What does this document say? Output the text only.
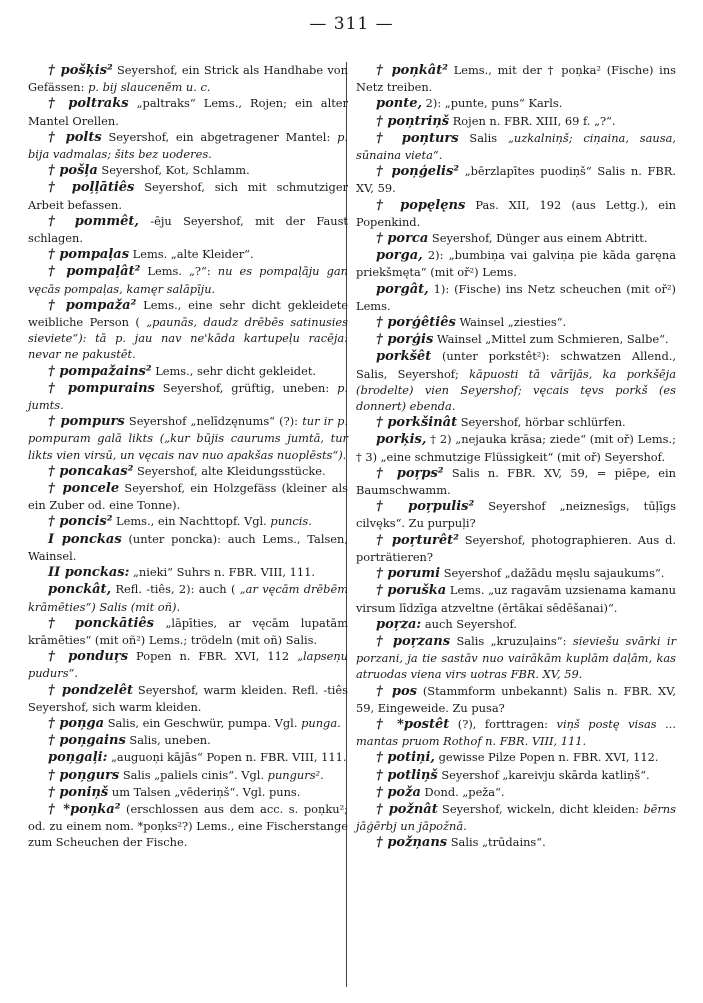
— 311 —

† pošķis² Seyershof, ein Strick als Handhabe von Gefässen: p. bij slaucenēm u. c.

† poltraks „paltraks“ Lems., Rojen; ein alter Mantel Orellen.

† polts Seyershof, ein abgetragener Mantel: p. bija vadmalas; šits bez uoderes.

† pošļa Seyershof, Kot, Schlamm.

† poļļātiês Seyershof, sich mit schmutziger Arbeit befassen.

† pommêt, -ēju Seyershof, mit der Faust schlagen.

† pompaļas Lems. „alte Kleider“.

† pompaļât² Lems. „?“: nu es pompaļāju gan vęcās pompaļas, kamęr salāpīju.

† pompaža² Lems., eine sehr dicht gekleidete weibliche Person ( „paunās, daudz drēbēs satinusies sieviete“): tā p. jau nav ne'kāda kartupeļu racēja: nevar ne pakustēt.

† pompažains² Lems., sehr dicht gekleidet.

† pompurains Seyershof, grüftig, uneben: p. jumts.

† pompurs Seyershof „nelīdzęnums“ (?): tur ir p. pompuram galā likts („kur būjis caurums jumtā, tur likts vien virsū, un vęcais nav nuo apakšas nuoplēsts“).

† poncakas² Seyershof, alte Kleidungsstücke.

† poncele Seyershof, ein Holzgefäss (kleiner als ein Zuber od. eine Tonne).

† poncis² Lems., ein Nachttopf. Vgl. puncis.

I ponckas (unter poncka): auch Lems., Talsen, Wainsel.

II ponckas: „nieki“ Suhrs n. FBR. VIII, 111.

ponckât, Refl. -tiês, 2): auch ( „ar vęcām drēbēm krāmēties“) Salis (mit oñ).

† ponckātiês „lāpīties, ar vęcām lupatām krāmēties“ (mit oñ²) Lems.; trödeln (mit oñ) Salis.

† ponduŗs Popen n. FBR. XVI, 112 „lapseņu pudurs“.

† pondzelêt Seyershof, warm kleiden. Refl. -tiês Seyershof, sich warm kleiden.

† poņga Salis, ein Geschwür, pumpa. Vgl. punga.

† poņgains Salis, uneben.

poņgaļi: „auguoņi kājās“ Popen n. FBR. VIII, 111.

† poņgurs Salis „paliels cinis“. Vgl. pungurs².

† poniņš um Talsen „vēderiņš“. Vgl. puns.

† *poņka² (erschlossen aus dem acc. s. poņku²; od. zu einem nom. *poņks²?) Lems., eine Fischerstange zum Scheuchen der Fische.

† poņkât² Lems., mit der † poņka² (Fische) ins Netz treiben.

ponte, 2): „punte, puns“ Karls.

† poņtriņš Rojen n. FBR. XIII, 69 f. „?“.

† poņturs Salis „uzkalniņš; ciņaina, sausa, sūnaina vieta“.

† poņģelis² „bērzlapītes puodiņš“ Salis n. FBR. XV, 59.

† popęlęns Pas. XII, 192 (aus Lettg.), ein Popenkind.

† porca Seyershof, Dünger aus einem Abtritt.

porga, 2): „bumbiņa vai galviņa pie kāda garęna priekšmęta“ (mit oř²) Lems.

porgât, 1): (Fische) ins Netz scheuchen (mit oř²) Lems.

† porģêtiês Wainsel „ziesties“.

† porģis Wainsel „Mittel zum Schmieren, Salbe“.

porkšêt (unter porkstêt²): schwatzen Allend., Salis, Seyershof; kāpuosti tā vārījās, ka porkšēja (brodelte) vien Seyershof; vęcais tęvs porkš (es donnert) ebenda.

† porkšinât Seyershof, hörbar schlürfen.

porķis, † 2) „nejauka krāsa; ziede“ (mit oř) Lems.; † 3) „eine schmutzige Flüssigkeit“ (mit oř) Seyershof.

† poŗps² Salis n. FBR. XV, 59, = piēpe, ein Baumschwamm.

† poŗpulis² Seyershof „neiznesīgs, tūļīgs cilvęks“. Zu purpuļi?

† poŗturêt² Seyershof, photographieren. Aus d. porträtieren?

† porumi Seyershof „dažādu męslu sajaukums“.

† poruška Lems. „uz ragavām uzsienama kamanu virsum līdzīga atzveltne (ērtākai sēdēšanai)“.

poŗza: auch Seyershof.

† poŗzans Salis „kruzuļains“: sieviešu svārki ir porzani, ja tie sastāv nuo vairākām kuplām daļām, kas atruodas viena virs uotras FBR. XV, 59.

† pos (Stammform unbekannt) Salis n. FBR. XV, 59, Eingeweide. Zu pusa?

† *postêt (?), forttragen: viņš postę visas ... mantas pruom Rothof n. FBR. VIII, 111.

† potiņi, gewisse Pilze Popen n. FBR. XVI, 112.

† potliņš Seyershof „kareivju skārda katliņš“.

† poža Dond. „peža“.

† požnât Seyershof, wickeln, dicht kleiden: bērns jāģērbj un jāpožnā.

† požņans Salis „trūdains“.
